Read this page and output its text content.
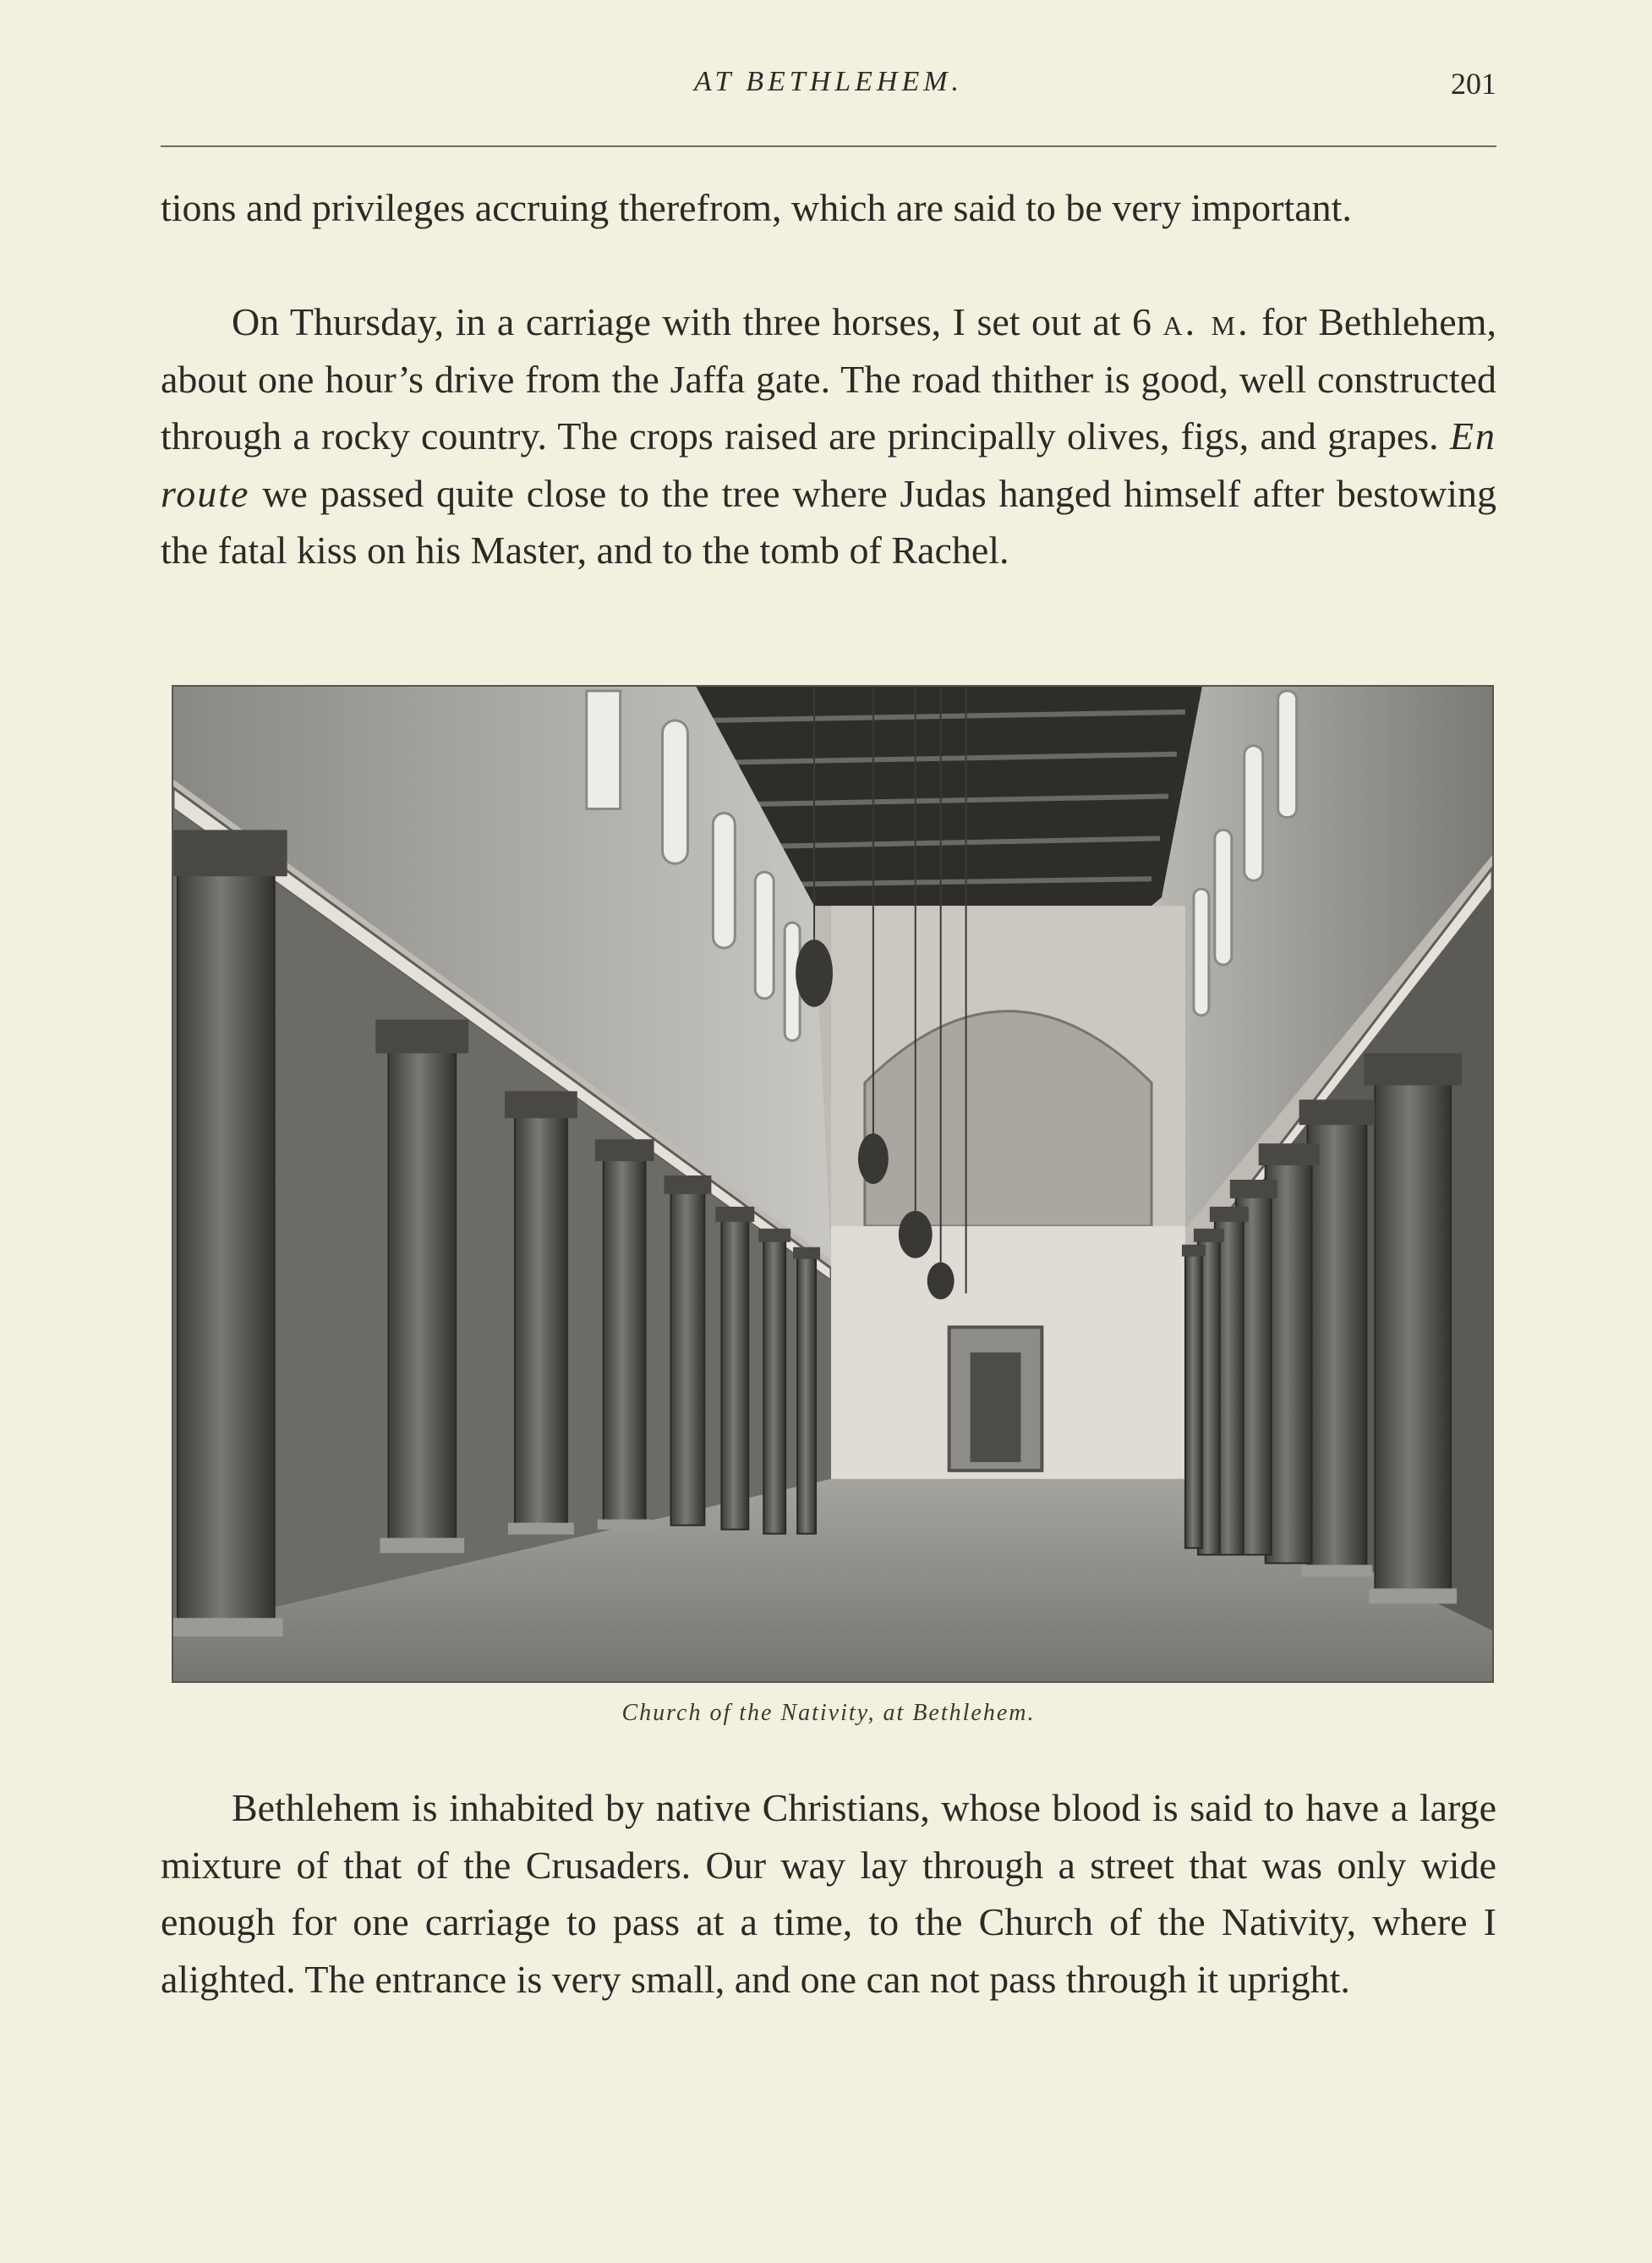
AT BETHLEHEM.	201

tions and privileges accruing therefrom, which are said to be very important.

On Thursday, in a carriage with three horses, I set out at 6 a. m. for Bethlehem, about one hour’s drive from the Jaffa gate. The road thither is good, well constructed through a rocky country. The crops raised are principally olives, figs, and grapes. En route we passed quite close to the tree where Judas hanged himself after bestowing the fatal kiss on his Master, and to the tomb of Rachel.

Church of the Nativity, at Bethlehem.

Bethlehem is inhabited by native Christians, whose blood is said to have a large mixture of that of the Crusaders. Our way lay through a street that was only wide enough for one carriage to pass at a time, to the Church of the Nativity, where I alighted. The entrance is very small, and one can not pass through it upright.
